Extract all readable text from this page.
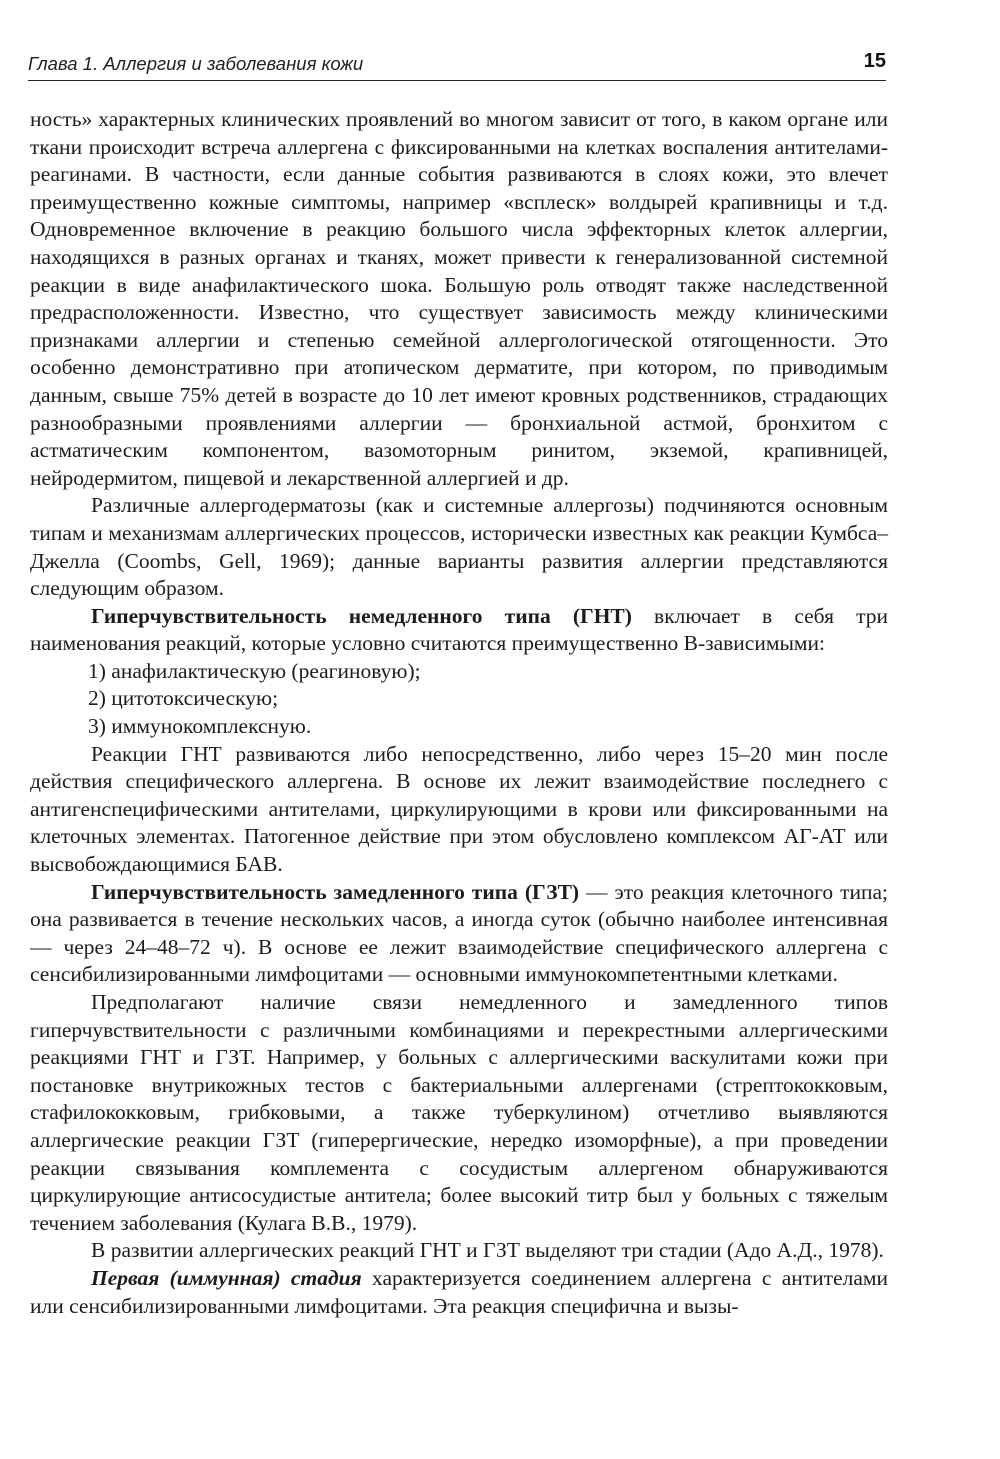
Глава 1. Аллергия и заболевания кожи	15

ность» характерных клинических проявлений во многом зависит от того, в каком органе или ткани происходит встреча аллергена с фиксированными на клетках воспаления антителами-реагинами. В частности, если данные события развиваются в слоях кожи, это влечет преимущественно кожные симптомы, например «всплеск» волдырей крапивницы и т.д. Одновременное включение в реакцию большого числа эффекторных клеток аллергии, находящихся в разных органах и тканях, может привести к генерализованной системной реакции в виде анафилактического шока. Большую роль отводят также наследственной предрасположенности. Известно, что существует зависимость между клиническими признаками аллергии и степенью семейной аллергологической отягощенности. Это особенно демонстративно при атопическом дерматите, при котором, по приводимым данным, свыше 75% детей в возрасте до 10 лет имеют кровных родственников, страдающих разнообразными проявлениями аллергии — бронхиальной астмой, бронхитом с астматическим компонентом, вазомоторным ринитом, экземой, крапивницей, нейродермитом, пищевой и лекарственной аллергией и др.

Различные аллергодерматозы (как и системные аллергозы) подчиняются основным типам и механизмам аллергических процессов, исторически известных как реакции Кумбса–Джелла (Coombs, Gell, 1969); данные варианты развития аллергии представляются следующим образом.

Гиперчувствительность немедленного типа (ГНТ) включает в себя три наименования реакций, которые условно считаются преимущественно В-зависимыми:

1) анафилактическую (реагиновую);
2) цитотоксическую;
3) иммунокомплексную.

Реакции ГНТ развиваются либо непосредственно, либо через 15–20 мин после действия специфического аллергена. В основе их лежит взаимодействие последнего с антигенспецифическими антителами, циркулирующими в крови или фиксированными на клеточных элементах. Патогенное действие при этом обусловлено комплексом АГ-АТ или высвобождающимися БАВ.

Гиперчувствительность замедленного типа (ГЗТ) — это реакция клеточного типа; она развивается в течение нескольких часов, а иногда суток (обычно наиболее интенсивная — через 24–48–72 ч). В основе ее лежит взаимодействие специфического аллергена с сенсибилизированными лимфоцитами — основными иммунокомпетентными клетками.

Предполагают наличие связи немедленного и замедленного типов гиперчувствительности с различными комбинациями и перекрестными аллергическими реакциями ГНТ и ГЗТ. Например, у больных с аллергическими васкулитами кожи при постановке внутрикожных тестов с бактериальными аллергенами (стрептококковым, стафилококковым, грибковыми, а также туберкулином) отчетливо выявляются аллергические реакции ГЗТ (гиперергические, нередко изоморфные), а при проведении реакции связывания комплемента с сосудистым аллергеном обнаруживаются циркулирующие антисосудистые антитела; более высокий титр был у больных с тяжелым течением заболевания (Кулага В.В., 1979).

В развитии аллергических реакций ГНТ и ГЗТ выделяют три стадии (Адо А.Д., 1978).

Первая (иммунная) стадия характеризуется соединением аллергена с антителами или сенсибилизированными лимфоцитами. Эта реакция специфична и вызы-
